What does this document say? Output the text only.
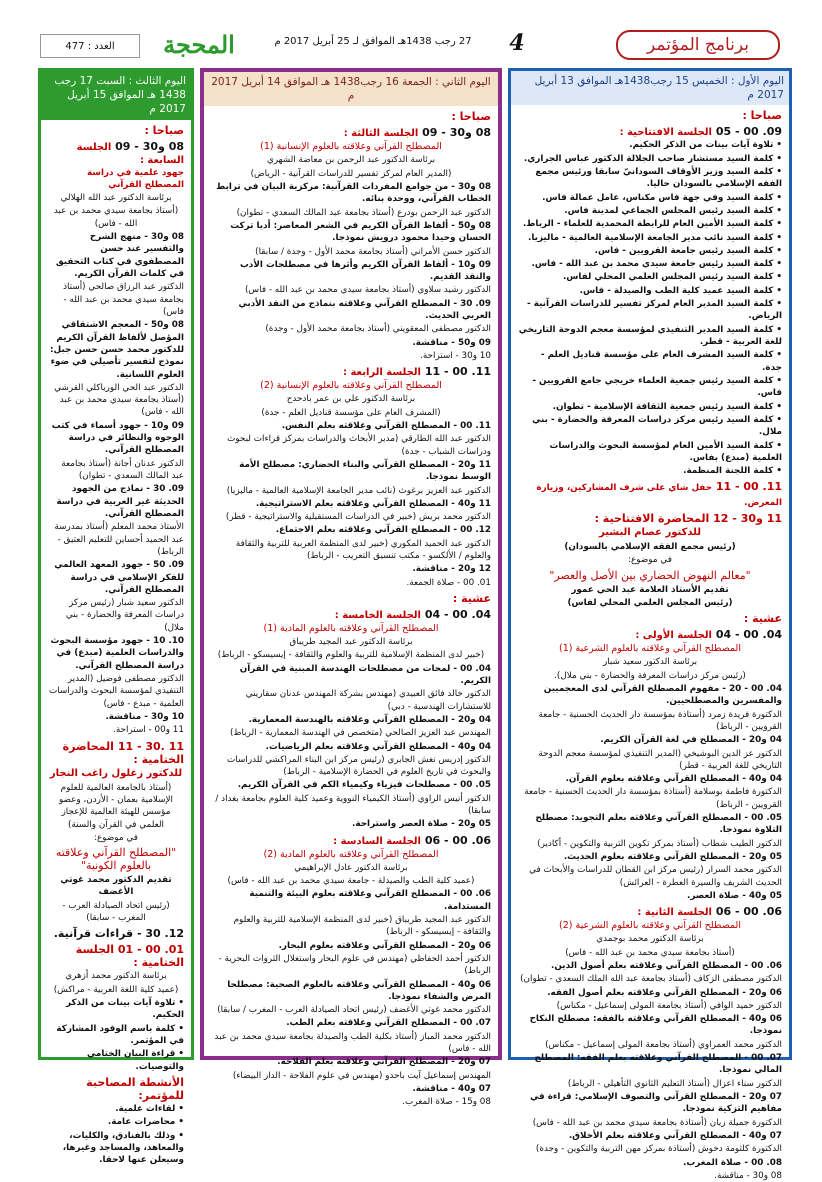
العدد : 477	المحجة	27 رجب 1438هـ الموافق لـ 25 أبريل 2017 م	4	برنامج المؤتمر
اليوم الأول : الخميس 15 رجب1438هـ الموافق 13 أبريل 2017 م
صباحا :
09. 00 - 05 الجلسة الافتتاحية :
• تلاوة آيات بينات من الذكر الحكيم.
• كلمة السيد مستشار صاحب الجلالة الدكتور عباس الجراري.
• كلمة السيد وزير الأوقاف السودانيّ سابقا ورئيس مجمع الفقه الإسلامي بالسودان حاليا.
• كلمة السيد وفي جهة فاس مكناس، عامل عمالة فاس.
• كلمة السيد رئيس المجلس الجماعي لمدينة فاس.
• كلمة السيد الأمين العام للرابطة المحمدية للعلماء - الرباط.
• كلمة السيد نائب مدير الجامعة الإسلامية العالمية - ماليزيا.
• كلمة السيد رئيس جامعة القرويين - فاس.
• كلمة السيد رئيس جامعة سيدي محمد بن عبد الله - فاس.
• كلمة السيد رئيس المجلس العلمي المحلي لفاس.
• كلمة السيد عميد كلية الطب والصيدلة - فاس.
• كلمة السيد المدير العام لمركز تفسير للدراسات القرآنية - الرياض.
• كلمة السيد المدير التنفيذي لمؤسسة معجم الدوحة التاريخي للغة العربية - قطر.
• كلمة السيد المشرف العام على مؤسسة قناديل العلم - جدة.
• كلمة السيد رئيس جمعية العلماء خريجي جامع القرويين - فاس.
• كلمة السيد رئيس جمعية الثقافة الإسلامية - تطوان.
• كلمة السيد رئيس مركز دراسات المعرفة والحضارة - بني ملال.
• كلمة السيد الأمين العام لمؤسسة البحوث والدراسات العلمية (مبدع) بفاس.
• كلمة اللجنة المنظمة.
11. 00 - 11 حفل شاي على شرف المشاركين، وزيارة المعرض.
11 و30 - 12 المحاضرة الافتتاحية :
للدكتور عصام البشير
(رئيس مجمع الفقه الإسلامي بالسودان)
في موضوع:
"معالم النهوض الحضاري بين الأصل والعصر"
تقديم الأستاذ العلامة عبد الحي عمور
(رئيس المجلس العلمي المحلي لفاس)
عشية :
04. 00 - 04 الجلسة الأولى :
المصطلح القرآني وعلاقته بالعلوم الشرعية (1)
برئاسة الدكتور سعيد شبار
(رئيس مركز دراسات المعرفة والحضارة - بني ملال).
04. 00 - 20 - مفهوم المصطلح القرآني لدى المعجميين والمفسرين والمصطلحيين.
الدكتورة فريدة زمرد (أستاذة بمؤسسة دار الحديث الحسنية - جامعة القرويين - الرباط)
04 و20 - المصطلح في لغة القرآن الكريم.
الدكتور عز الدين البوشيخي (المدير التنفيذي لمؤسسة معجم الدوحة التاريخي للغة العربية - قطر)
04 و40 - المصطلح القرآني وعلاقته بعلوم القرآن.
الدكتورة فاطمة بوسلامة (أستاذة بمؤسسة دار الحديث الحسنية - جامعة القرويين - الرباط)
05. 00 - المصطلح القرآني وعلاقته بعلم التجويد: مصطلح التلاوة نموذجا.
الدكتور الطيب شطاب (أستاذ بمركز تكوين التربية والتكوين - أكادير)
05 و20 - المصطلح القرآني وعلاقته بعلوم الحديث.
الدكتور محمد السرار (رئيس مركز ابن القطان للدراسات والأبحاث في الحديث الشريف والسيرة العطرة - العرائش)
05 و40 - صلاة العصر.
06. 00 - 06 الجلسة الثانية :
المصطلح القرآني وعلاقته بالعلوم الشرعية (2)
برئاسة الدكتور محمد بوجمدي
(أستاذ بجامعة سيدي محمد بن عبد الله - فاس)
06. 00 - المصطلح القرآني وعلاقته بعلم أصول الدين.
الدكتور مصطفى الزكاف (أستاذ بجامعة عبد الله الملك السعدي - تطوان)
06 و20 - المصطلح القرآني وعلاقته بعلم أصول الفقه.
الدكتور حميد الوافي (أستاذ بجامعة المولى إسماعيل - مكناس)
06 و40 - المصطلح القرآني وعلاقته بالفقه: مصطلح النكاح نموذجا.
الدكتور محمد العمراوي (أستاذ بجامعة المولى إسماعيل - مكناس)
07. 00 - المصطلح القرآني وعلاقته بعلم الفقه: المصطلح المالي نموذجا.
الدكتور سناء اعزال (أستاذ التعليم الثانوي التأهيلي - الرباط)
07 و20 - المصطلح القرآني والتصوف الإسلامي: قراءة في مفاهيم التزكية نموذجا.
الدكتورة جميلة زيان (أستاذة بجامعة سيدي محمد بن عبد الله - فاس)
07 و40 - المصطلح القرآني وعلاقته بعلم الأخلاق.
الدكتورة كلثومة دخوش (أستاذة بمركز مهن التربية والتكوين - وجدة)
08. 00 - صلاة المغرب.
08 و30 - مناقشة.
اليوم الثاني : الجمعة 16 رجب1438 هـ الموافق 14 أبريل 2017 م
صباحا :
08 و30 - 09 الجلسة الثالثة :
المصطلح القرآني وعلاقته بالعلوم الإنسانية (1)
برئاسة الدكتور عبد الرحمن بن معاضة الشهري
(المدير العام لمركز تفسير للدراسات القرآنية - الرياض)
08 و30 - من جوامع المفردات القرآنية: مركزية البيان في ترابط الخطاب القرآني، ووحدة بنائه.
الدكتور عبد الرحمن بودرع (أستاذ بجامعة عبد المالك السعدي - تطوان)
08 و50 - ألفاظ القرآن الكريم في الشعر المعاصر: أدبا تركت الحسان وحيدا محمود درويش نموذجا.
الدكتور حسن الأمراني (أستاذ بجامعة محمد الأول - وجدة / سابقا)
09 و10 - ألفاظ القرآن الكريم وأثرها في مصطلحات الأدب والنقد القديم.
الدكتور رشيد سلاوي (أستاذ بجامعة سيدي محمد بن عبد الله - فاس)
09. 30 - المصطلح القرآني وعلاقته بنماذج من النقد الأدبي العربي الحديث.
الدكتور مصطفى المعقويني (أستاذ بجامعة محمد الأول - وجدة)
09 و50 - مناقشة.
10 و30 - استراحة.
11. 00 - 11 الجلسة الرابعة :
المصطلح القرآني وعلاقته بالعلوم الإنسانية (2)
برئاسة الدكتور علي بن عمر بادحدح
(المشرف العام على مؤسسة قناديل العلم - جدة)
11. 00 - المصطلح القرآني وعلاقته بعلم النفس.
الدكتور عبد الله الطارقي (مدير الأبحاث والدراسات بمركز قراءات لبحوث ودراسات الشباب - جدة)
11 و20 - المصطلح القرآني والبناء الحضاري: مصطلح الأمة الوسط نموذجا.
الدكتور عبد العزيز برغوث (نائب مدير الجامعة الإسلامية العالمية - ماليزيا)
11 و40 - المصطلح القرآني وعلاقته بعلم الاستراتيجية.
الدكتور محمد بريش (خبير في الدراسات المستقبلية والاستراتيجية - قطر)
12. 00 - المصطلح القرآني وعلاقته بعلم الاجتماع.
الدكتور عبد الحميد المكوري (خبير لدى المنظمة العربية للتربية والثقافة والعلوم / الألكسو - مكتب تنسيق التعريب - الرباط)
12 و20 - مناقشة.
01. 00 - صلاة الجمعة.
عشية :
04. 00 - 04 الجلسة الخامسة :
المصطلح القرآني وعلاقته بالعلوم المادية (1)
برئاسة الدكتور عبد المجيد طريباق
(خبير لدى المنظمة الإسلامية للتربية والعلوم والثقافة - إيسيسكو - الرباط)
04. 00 - لمحات من مصطلحات الهندسة المبنية في القرآن الكريم.
الدكتور خالد فائق العبيدي (مهندس بشركة المهندس عدنان سقاريني للاستشارات الهندسية - دبي)
04 و20 - المصطلح القرآني وعلاقته بالهندسة المعمارية.
المهندس عبد العزيز الصالحي (متخصص في الهندسة المعمارية - الرباط)
04 و40 - المصطلح القرآني وعلاقته بعلم الرياضيات.
الدكتور إدريس نغش الجابري (رئيس مركز ابن البناء المراكشي للدراسات والبحوث في تاريخ العلوم في الحضارة الإسلامية - الرباط)
05. 00 - مصطلحات فيزياء وكيمياء الكم في القرآن الكريم.
الدكتور أنيس الراوي (أستاذ الكيمياء النووية وعميد كلية العلوم بجامعة بغداد / سابقا)
05 و20 - صلاة العصر واستراحة.
06. 00 - 06 الجلسة السادسة :
المصطلح القرآني وعلاقته بالعلوم المادية (2)
برئاسة الدكتور عادل الإبراهيمي
(عميد كلية الطب والصيدلة - جامعة سيدي محمد بن عبد الله - فاس)
06. 00 - المصطلح القرآني وعلاقته بعلوم البيئة والتنمية المستدامة.
الدكتور عبد المجيد طريباق (خبير لدى المنظمة الإسلامية للتربية والعلوم والثقافة - إيسيسكو - الرباط)
06 و20 - المصطلح القرآني وعلاقته بعلوم البحار.
الدكتور أحمد الحفاظي (مهندس في علوم البحار واستغلال الثروات البحرية - الرباط)
06 و40 - المصطلح القرآني وعلاقته بالعلوم الصحية: مصطلحا المرض والشفاء نموذجا.
الدكتور محمد غوتي الأغضف (رئيس اتحاد الصيادلة العرب - المغرب / سابقا)
07. 00 - المصطلح القرآني وعلاقته بعلم الطب.
الدكتور محمد المباز (أستاذ بكلية الطب والصيدلة بجامعة سيدي محمد بن عبد الله - فاس)
07 و20 - المصطلح القرآني وعلاقته بعلم الفلاحة.
المهندس إسماعيل آيت باحدو (مهندس في علوم الفلاحة - الدار البيضاء)
07 و40 - مناقشة.
08 و15 - صلاة المغرب.
اليوم الثالث : السبت 17 رجب 1438 هـ الموافق 15 أبريل 2017 م
صباحا :
08 و30 - 09 الجلسة السابعة :
جهود علمية في دراسة المصطلح القرآني
برئاسة الدكتور عبد الله الهلالي
(أستاذ بجامعة سيدي محمد بن عبد الله - فاس)
08 و30 - منهج الشرح والتفسير عند حسن المصطفوي في كتاب التحقيق في كلمات القرآن الكريم.
الدكتور عبد الرزاق صالحي (أستاذ بجامعة سيدي محمد بن عبد الله - فاس)
08 و50 - المعجم الاشتقاقي المؤصل لألفاظ القرآن الكريم للدكتور محمد حسن حسن جبل: نموذج لتفسير تأصيلي في ضوء العلوم اللسانية.
الدكتور عبد الحي الورياكلي القرشي (أستاذ بجامعة سيدي محمد بن عبد الله - فاس)
09 و10 - جهود أسماء في كتب الوجوه والنظائر في دراسة المصطلح القرآني.
الدكتور عدنان أجانة (أستاذ بجامعة عبد المالك السعدي - تطوان)
09. 30 - نماذج من الجهود الحديثة غير العربية في دراسة المصطلح القرآني.
الأستاذ محمد المعلم (أستاذ بمدرسة عبد الحميد أحساين للتعليم العتيق - الرباط)
09. 50 - جهود المعهد العالمي للفكر الإسلامي في دراسة المصطلح القرآني.
الدكتور سعيد شبار (رئيس مركز دراسات المعرفة والحضارة - بني ملال)
10. 10 - جهود مؤسسة البحوث والدراسات العلمية (مبدع) في دراسة المصطلح القرآني.
الدكتور مصطفى فوضيل (المدير التنفيذي لمؤسسة البحوث والدراسات العلمية - مبدع - فاس)
10 و30 - مناقشة.
11 و00 - استراحة.
11 .30 - 11 المحاضرة الختامية :
للدكتور زغلول راغب النجار
(أستاذ بالجامعة العالمية للعلوم الإسلامية بعمان - الأردن، وعضو مؤسس للهيئة العالمية للإعجاز العلمي في القرآن والسنة)
في موضوع:
"المصطلح القرآني وعلاقته بالعلوم الكونية"
تقديم الدكتور محمد غوتي الأغضف
(رئيس اتحاد الصيادلة العرب - المغرب - سابقا)
12. 30 - قراءات قرآنية.
01. 00 - 01 الجلسة الختامية :
برئاسة الدكتور محمد أزهري
(عميد كلية اللغة العربية - مراكش)
• تلاوة آيات بينات من الذكر الحكيم.
• كلمة باسم الوفود المشاركة في المؤتمر.
• قراءة البيان الختامي والتوصيات.
الأنشطة المصاحبة للمؤتمر:
• لقاءات علمية.
• محاضرات عامة.
• وذلك بالفنادق، والكليات، والمعاهد، والمساجد وغيرها، وسيعلن عنها لاحقا.
